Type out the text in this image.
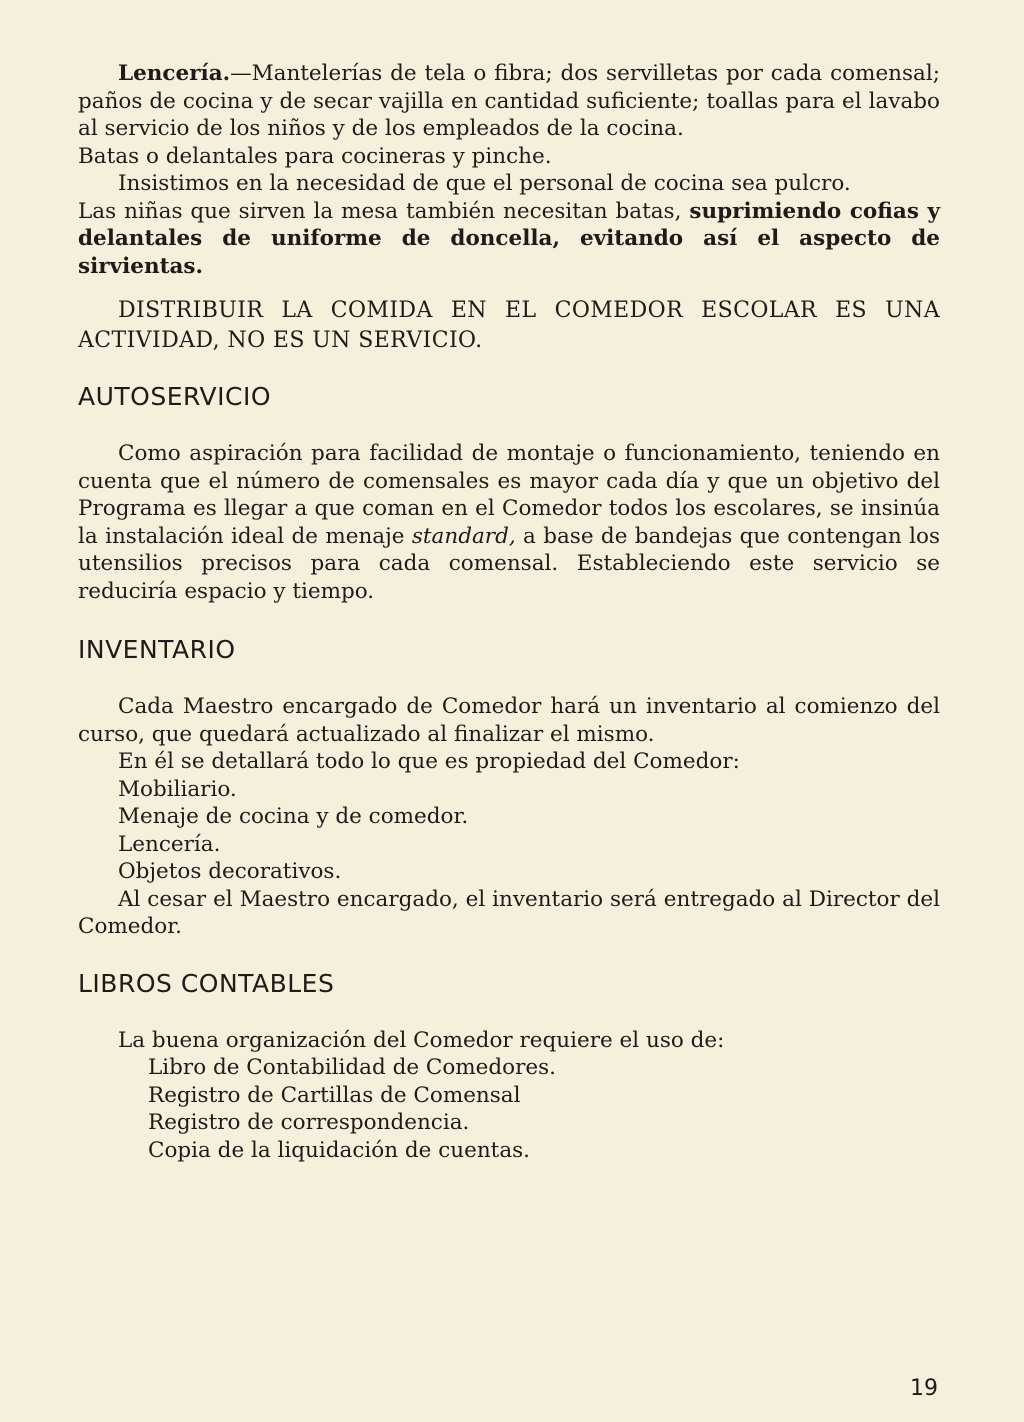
Lencería.—Mantelerías de tela o fibra; dos servilletas por cada comensal; paños de cocina y de secar vajilla en cantidad suficiente; toallas para el lavabo al servicio de los niños y de los empleados de la cocina.

Batas o delantales para cocineras y pinche.

Insistimos en la necesidad de que el personal de cocina sea pulcro.

Las niñas que sirven la mesa también necesitan batas, suprimiendo cofias y delantales de uniforme de doncella, evitando así el aspecto de sirvientas.

DISTRIBUIR LA COMIDA EN EL COMEDOR ESCOLAR ES UNA ACTIVIDAD, NO ES UN SERVICIO.

AUTOSERVICIO

Como aspiración para facilidad de montaje o funcionamiento, teniendo en cuenta que el número de comensales es mayor cada día y que un objetivo del Programa es llegar a que coman en el Comedor todos los escolares, se insinúa la instalación ideal de menaje standard, a base de bandejas que contengan los utensilios precisos para cada comensal. Estableciendo este servicio se reduciría espacio y tiempo.

INVENTARIO

Cada Maestro encargado de Comedor hará un inventario al comienzo del curso, que quedará actualizado al finalizar el mismo.

En él se detallará todo lo que es propiedad del Comedor:
Mobiliario.
Menaje de cocina y de comedor.
Lencería.
Objetos decorativos.

Al cesar el Maestro encargado, el inventario será entregado al Director del Comedor.

LIBROS CONTABLES
La buena organización del Comedor requiere el uso de:
Libro de Contabilidad de Comedores.
Registro de Cartillas de Comensal
Registro de correspondencia.
Copia de la liquidación de cuentas.
19
